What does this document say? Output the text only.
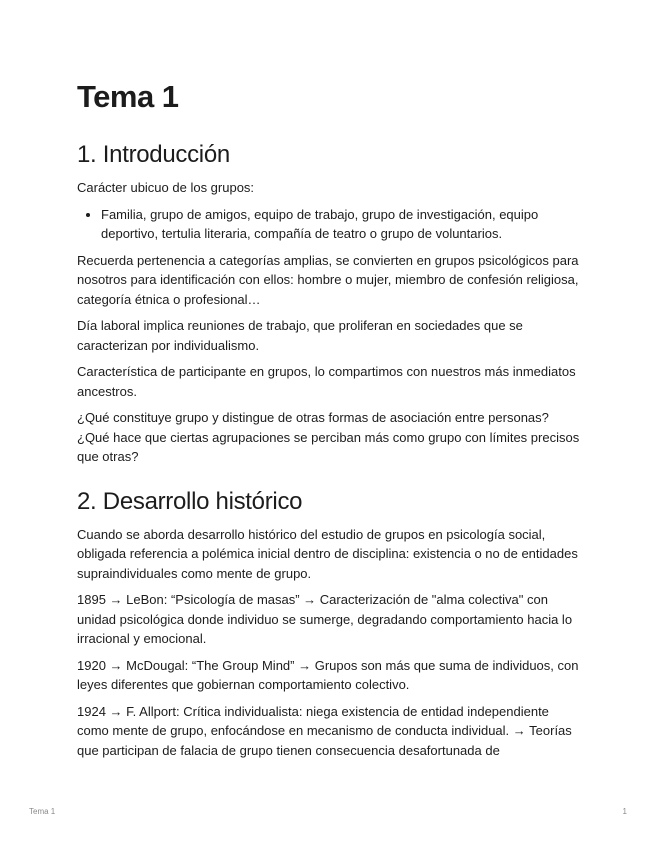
Tema 1
1. Introducción

Carácter ubicuo de los grupos:

• Familia, grupo de amigos, equipo de trabajo, grupo de investigación, equipo deportivo, tertulia literaria, compañía de teatro o grupo de voluntarios.

Recuerda pertenencia a categorías amplias, se convierten en grupos psicológicos para nosotros para identificación con ellos: hombre o mujer, miembro de confesión religiosa, categoría étnica o profesional…

Día laboral implica reuniones de trabajo, que proliferan en sociedades que se caracterizan por individualismo.

Característica de participante en grupos, lo compartimos con nuestros más inmediatos ancestros.

¿Qué constituye grupo y distingue de otras formas de asociación entre personas? ¿Qué hace que ciertas agrupaciones se perciban más como grupo con límites precisos que otras?

2. Desarrollo histórico

Cuando se aborda desarrollo histórico del estudio de grupos en psicología social, obligada referencia a polémica inicial dentro de disciplina: existencia o no de entidades supraindividuales como mente de grupo.

1895 → LeBon: “Psicología de masas” → Caracterización de "alma colectiva" con unidad psicológica donde individuo se sumerge, degradando comportamiento hacia lo irracional y emocional.

1920 → McDougal: “The Group Mind” → Grupos son más que suma de individuos, con leyes diferentes que gobiernan comportamiento colectivo.

1924 → F. Allport: Crítica individualista: niega existencia de entidad independiente como mente de grupo, enfocándose en mecanismo de conducta individual. → Teorías que participan de falacia de grupo tienen consecuencia desafortunada de

Tema 1	1
